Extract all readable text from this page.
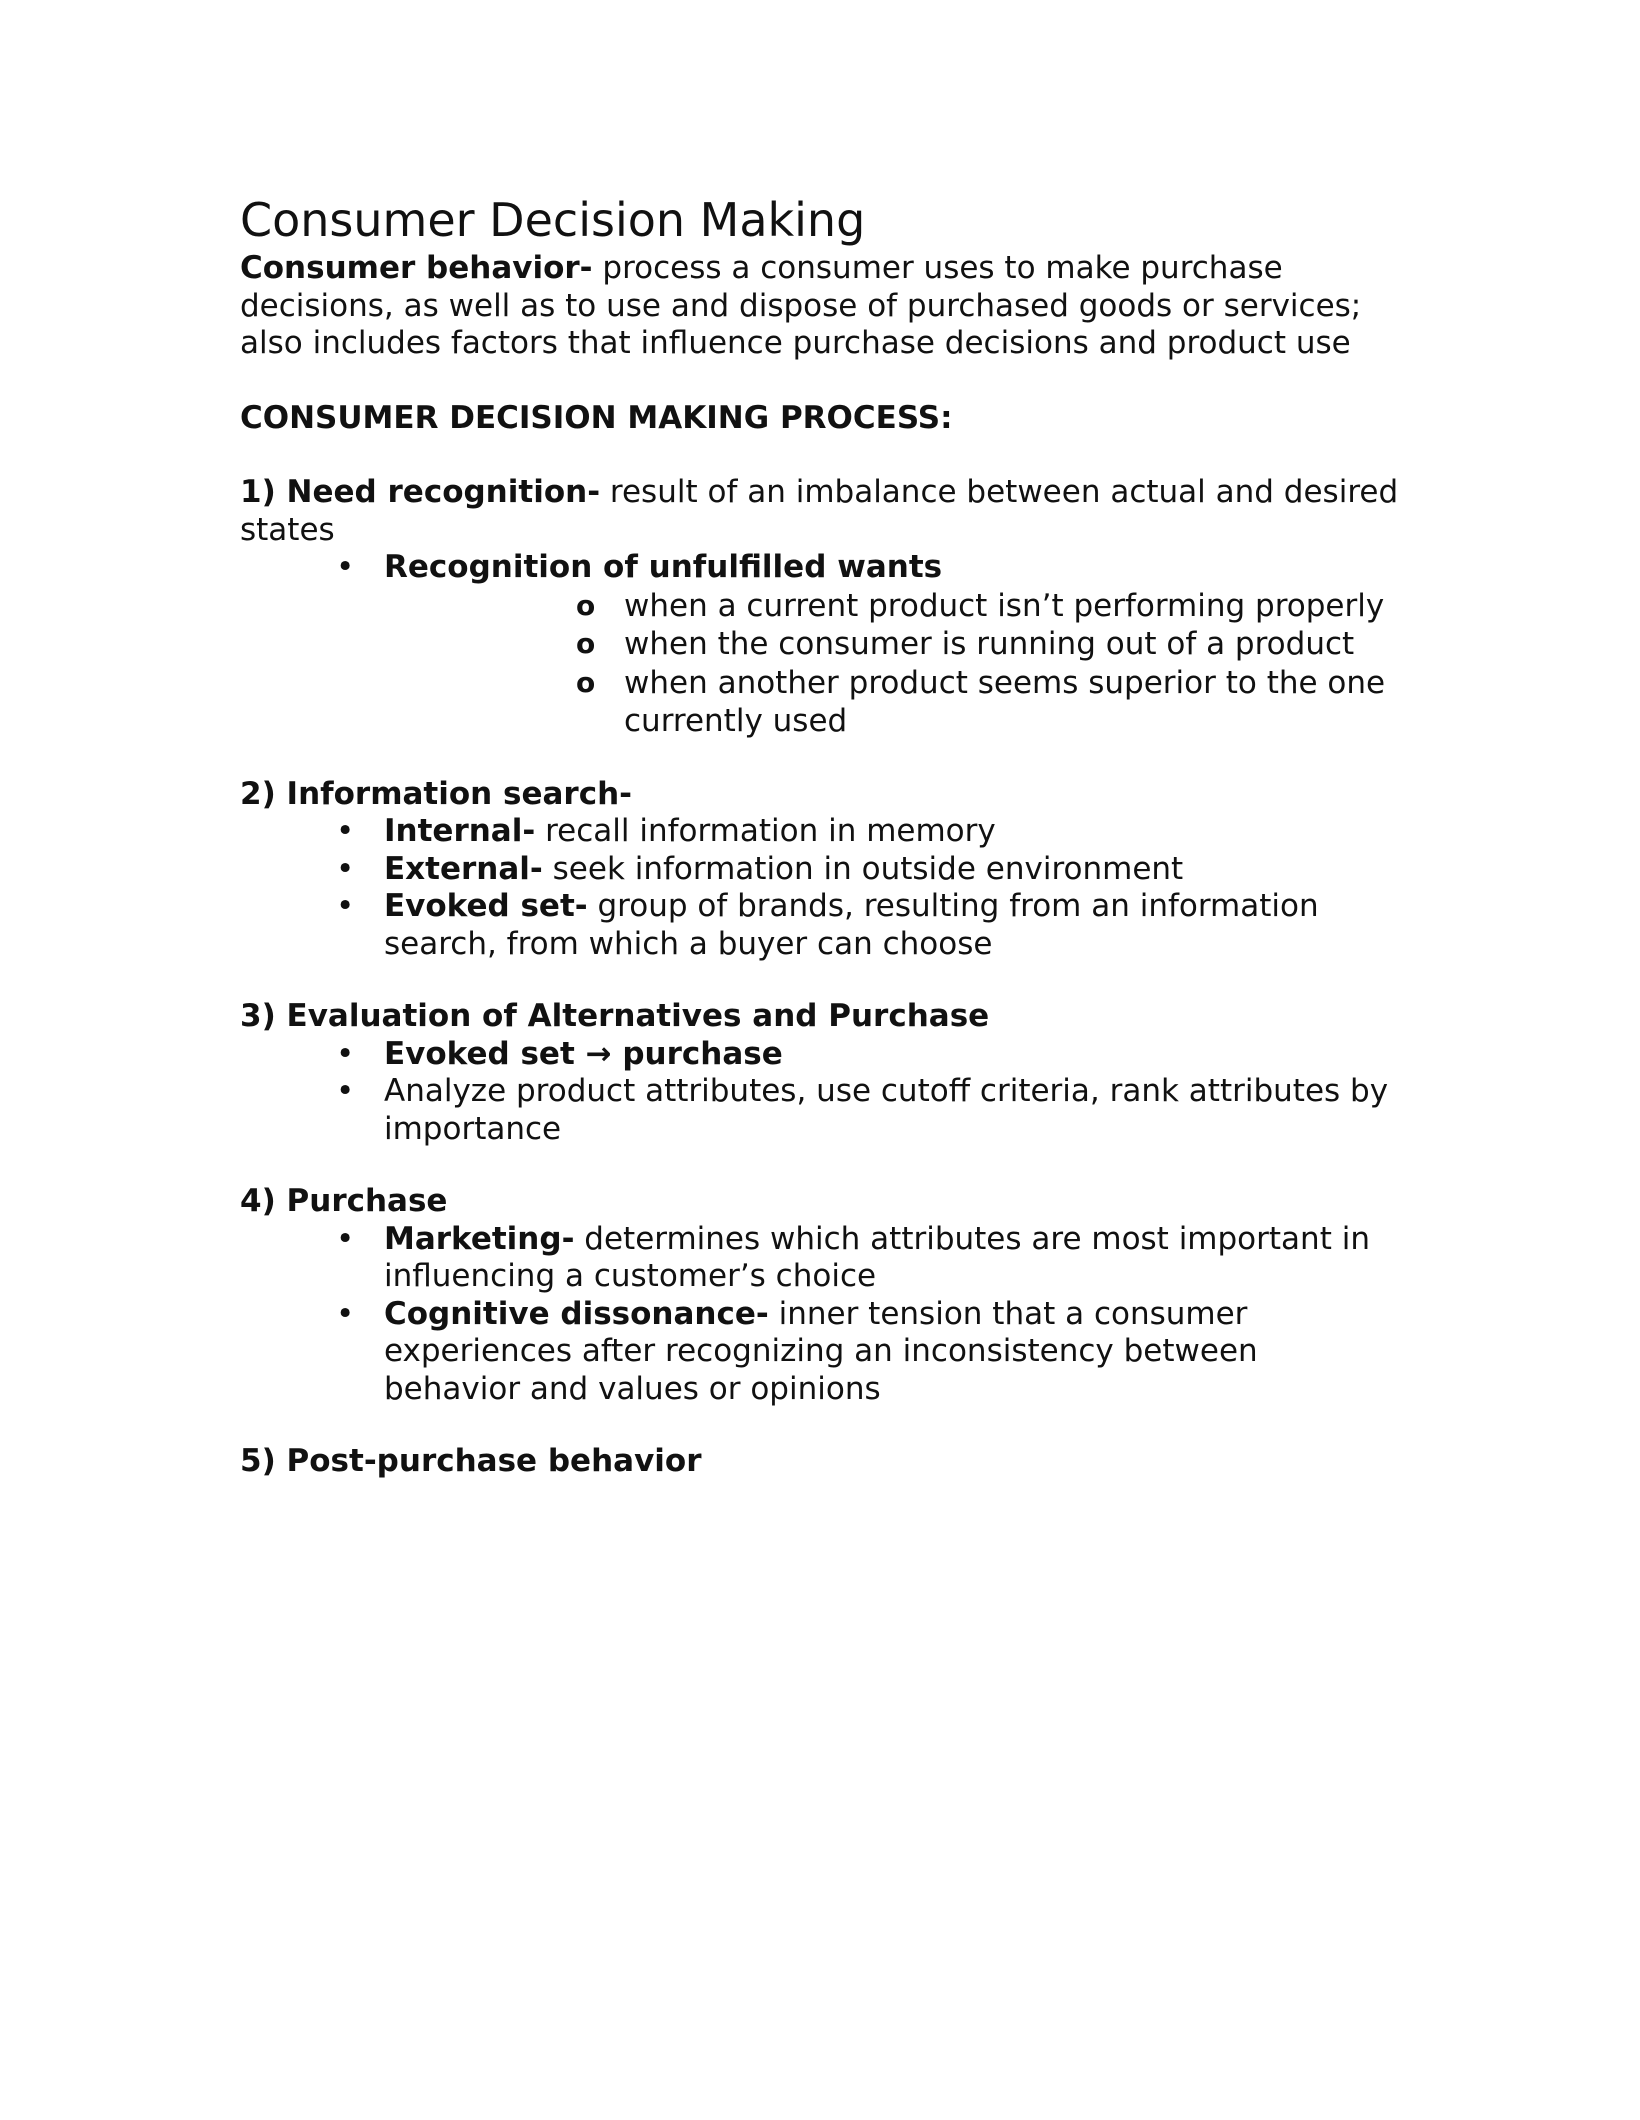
Consumer Decision Making

Consumer behavior- process a consumer uses to make purchase decisions, as well as to use and dispose of purchased goods or services; also includes factors that influence purchase decisions and product use

CONSUMER DECISION MAKING PROCESS:

1) Need recognition- result of an imbalance between actual and desired states

• Recognition of unfulfilled wants
o when a current product isn’t performing properly
o when the consumer is running out of a product
o when another product seems superior to the one currently used

2) Information search-

• Internal- recall information in memory
• External- seek information in outside environment
• Evoked set- group of brands, resulting from an information search, from which a buyer can choose

3) Evaluation of Alternatives and Purchase

• Evoked set → purchase
• Analyze product attributes, use cutoff criteria, rank attributes by importance

4) Purchase

• Marketing- determines which attributes are most important in influencing a customer’s choice
• Cognitive dissonance- inner tension that a consumer experiences after recognizing an inconsistency between behavior and values or opinions

5) Post-purchase behavior
